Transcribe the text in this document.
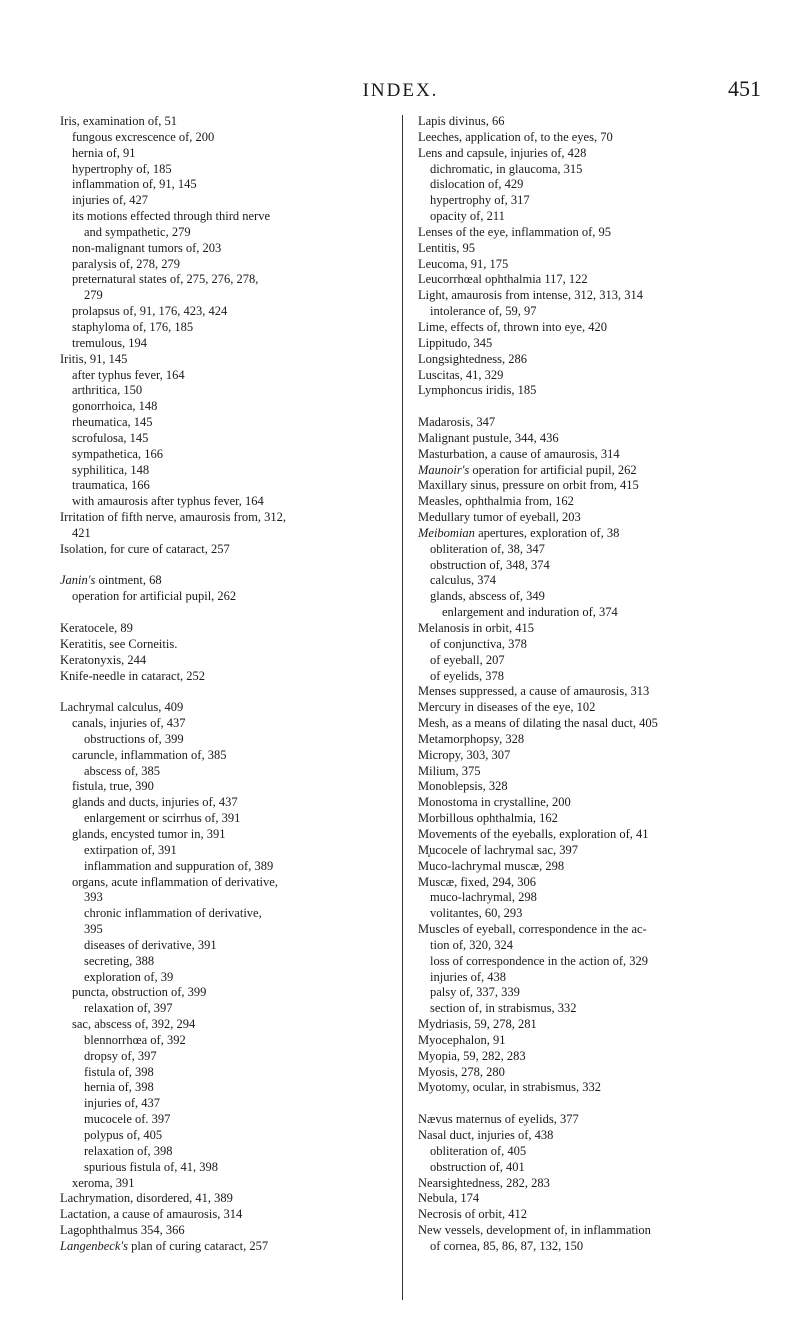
INDEX.	451
Iris, examination of, 51
fungous excrescence of, 200
hernia of, 91
hypertrophy of, 185
inflammation of, 91, 145
injuries of, 427
its motions effected through third nerve
and sympathetic, 279
non-malignant tumors of, 203
paralysis of, 278, 279
preternatural states of, 275, 276, 278,
279
prolapsus of, 91, 176, 423, 424
staphyloma of, 176, 185
tremulous, 194
Iritis, 91, 145
after typhus fever, 164
arthritica, 150
gonorrhoica, 148
rheumatica, 145
scrofulosa, 145
sympathetica, 166
syphilitica, 148
traumatica, 166
with amaurosis after typhus fever, 164
Irritation of fifth nerve, amaurosis from, 312,
421
Isolation, for cure of cataract, 257
Janin's ointment, 68
operation for artificial pupil, 262
Keratocele, 89
Keratitis, see Corneitis.
Keratonyxis, 244
Knife-needle in cataract, 252
Lachrymal calculus, 409
canals, injuries of, 437
obstructions of, 399
caruncle, inflammation of, 385
abscess of, 385
fistula, true, 390
glands and ducts, injuries of, 437
enlargement or scirrhus of, 391
glands, encysted tumor in, 391
extirpation of, 391
inflammation and suppuration of, 389
organs, acute inflammation of derivative,
393
chronic inflammation of derivative,
395
diseases of derivative, 391
secreting, 388
exploration of, 39
puncta, obstruction of, 399
relaxation of, 397
sac, abscess of, 392, 294
blennorrhœa of, 392
dropsy of, 397
fistula of, 398
hernia of, 398
injuries of, 437
mucocele of. 397
polypus of, 405
relaxation of, 398
spurious fistula of, 41, 398
xeroma, 391
Lachrymation, disordered, 41, 389
Lactation, a cause of amaurosis, 314
Lagophthalmus 354, 366
Langenbeck's plan of curing cataract, 257
Lapis divinus, 66
Leeches, application of, to the eyes, 70
Lens and capsule, injuries of, 428
dichromatic, in glaucoma, 315
dislocation of, 429
hypertrophy of, 317
opacity of, 211
Lenses of the eye, inflammation of, 95
Lentitis, 95
Leucoma, 91, 175
Leucorrhœal ophthalmia 117, 122
Light, amaurosis from intense, 312, 313, 314
intolerance of, 59, 97
Lime, effects of, thrown into eye, 420
Lippitudo, 345
Longsightedness, 286
Luscitas, 41, 329
Lymphoncus iridis, 185
Madarosis, 347
Malignant pustule, 344, 436
Masturbation, a cause of amaurosis, 314
Maunoir's operation for artificial pupil, 262
Maxillary sinus, pressure on orbit from, 415
Measles, ophthalmia from, 162
Medullary tumor of eyeball, 203
Meibomian apertures, exploration of, 38
obliteration of, 38, 347
obstruction of, 348, 374
calculus, 374
glands, abscess of, 349
enlargement and induration of, 374
Melanosis in orbit, 415
of conjunctiva, 378
of eyeball, 207
of eyelids, 378
Menses suppressed, a cause of amaurosis, 313
Mercury in diseases of the eye, 102
Mesh, as a means of dilating the nasal duct, 405
Metamorphopsy, 328
Micropy, 303, 307
Milium, 375
Monoblepsis, 328
Monostoma in crystalline, 200
Morbillous ophthalmia, 162
Movements of the eyeballs, exploration of, 41
M̥ucocele of lachrymal sac, 397
Muco-lachrymal muscæ, 298
Muscæ, fixed, 294, 306
muco-lachrymal, 298
volitantes, 60, 293
Muscles of eyeball, correspondence in the ac-
tion of, 320, 324
loss of correspondence in the action of, 329
injuries of, 438
palsy of, 337, 339
section of, in strabismus, 332
Mydriasis, 59, 278, 281
Myocephalon, 91
Myopia, 59, 282, 283
Myosis, 278, 280
Myotomy, ocular, in strabismus, 332
Nævus maternus of eyelids, 377
Nasal duct, injuries of, 438
obliteration of, 405
obstruction of, 401
Nearsightedness, 282, 283
Nebula, 174
Necrosis of orbit, 412
New vessels, development of, in inflammation
of cornea, 85, 86, 87, 132, 150
